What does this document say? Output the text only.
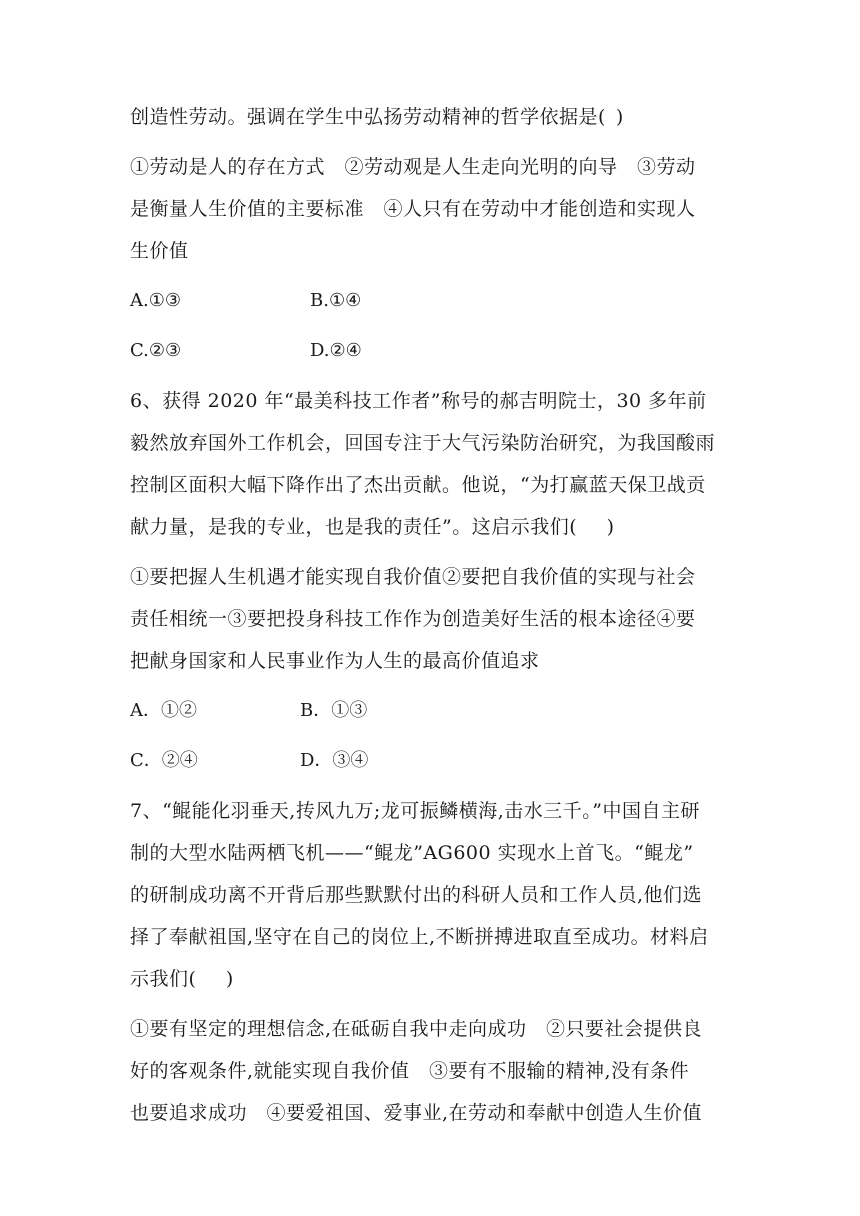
创造性劳动。强调在学生中弘扬劳动精神的哲学依据是( )
①劳动是人的存在方式 ②劳动观是人生走向光明的向导 ③劳动
是衡量人生价值的主要标准 ④人只有在劳动中才能创造和实现人
生价值
A.①③	B.①④
C.②③	D.②④
6、获得 2020 年“最美科技工作者”称号的郝吉明院士，30 多年前
毅然放弃国外工作机会，回国专注于大气污染防治研究，为我国酸雨
控制区面积大幅下降作出了杰出贡献。他说，“为打赢蓝天保卫战贡
献力量，是我的专业，也是我的责任”。这启示我们(　 )
①要把握人生机遇才能实现自我价值②要把自我价值的实现与社会
责任相统一③要把投身科技工作作为创造美好生活的根本途径④要
把献身国家和人民事业作为人生的最高价值追求
A．①②	B．①③
C．②④	D．③④
7、“鲲能化羽垂天,抟风九万;龙可振鳞横海,击水三千。”中国自主研
制的大型水陆两栖飞机——“鲲龙”AG600 实现水上首飞。“鲲龙”
的研制成功离不开背后那些默默付出的科研人员和工作人员,他们选
择了奉献祖国,坚守在自己的岗位上,不断拼搏进取直至成功。材料启
示我们(　 )
①要有坚定的理想信念,在砥砺自我中走向成功 ②只要社会提供良
好的客观条件,就能实现自我价值 ③要有不服输的精神,没有条件
也要追求成功 ④要爱祖国、爱事业,在劳动和奉献中创造人生价值
